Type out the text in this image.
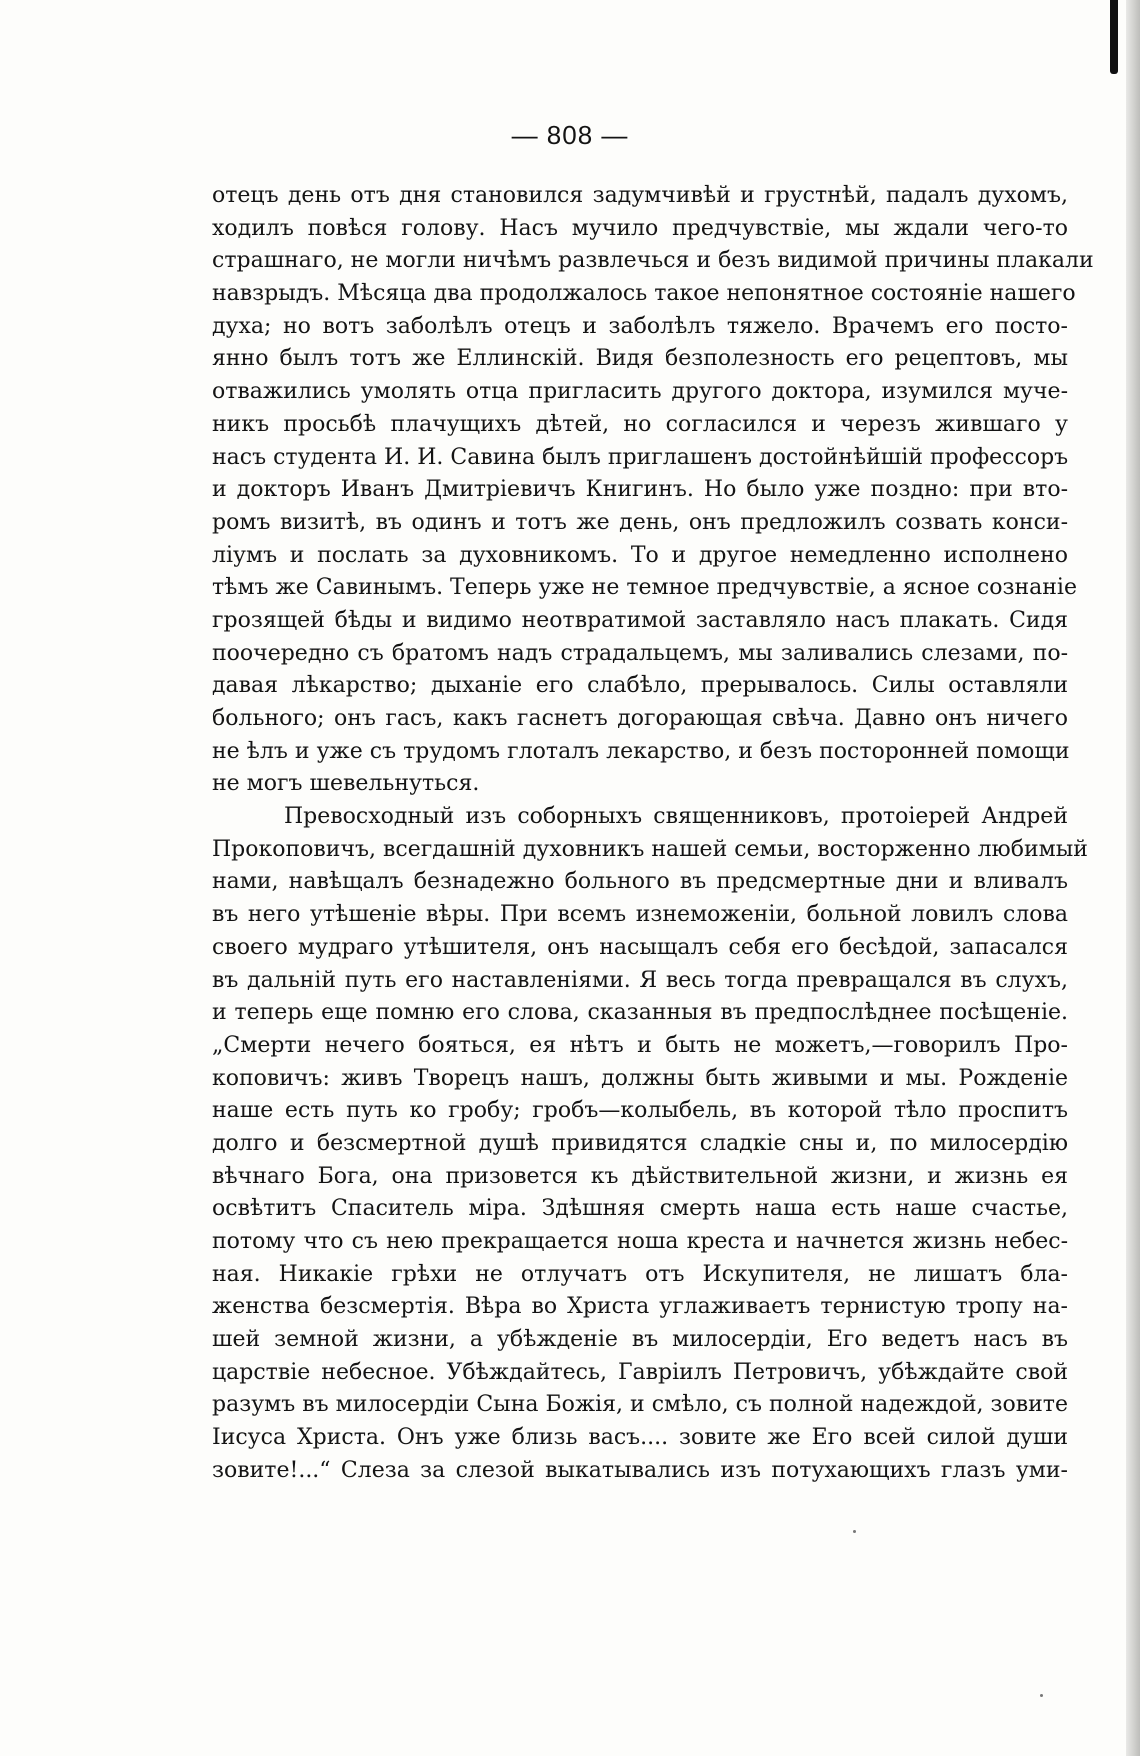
— 808 —
отецъ день отъ дня становился задумчивѣй и грустнѣй, падалъ духомъ,
ходилъ повѣся голову. Насъ мучило предчувствіе, мы ждали чего-то
страшнаго, не могли ничѣмъ развлечься и безъ видимой причины плакали
навзрыдъ. Мѣсяца два продолжалось такое непонятное состояніе нашего
духа; но вотъ заболѣлъ отецъ и заболѣлъ тяжело. Врачемъ его посто-
янно былъ тотъ же Еллинскій. Видя безполезность его рецептовъ, мы
отважились умолять отца пригласить другого доктора, изумился муче-
никъ просьбѣ плачущихъ дѣтей, но согласился и черезъ жившаго у
насъ студента И. И. Савина былъ приглашенъ достойнѣйшій профессоръ
и докторъ Иванъ Дмитріевичъ Книгинъ. Но было уже поздно: при вто-
ромъ визитѣ, въ одинъ и тотъ же день, онъ предложилъ созвать конси-
ліумъ и послать за духовникомъ. То и другое немедленно исполнено
тѣмъ же Савинымъ. Теперь уже не темное предчувствіе, а ясное сознаніе
грозящей бѣды и видимо неотвратимой заставляло насъ плакать. Сидя
поочередно съ братомъ надъ страдальцемъ, мы заливались слезами, по-
давая лѣкарство; дыханіе его слабѣло, прерывалось. Силы оставляли
больного; онъ гасъ, какъ гаснетъ догорающая свѣча. Давно онъ ничего
не ѣлъ и уже съ трудомъ глоталъ лекарство, и безъ посторонней помощи
не могъ шевельнуться.
Превосходный изъ соборныхъ священниковъ, протоіерей Андрей
Прокоповичъ, всегдашній духовникъ нашей семьи, восторженно любимый
нами, навѣщалъ безнадежно больного въ предсмертные дни и вливалъ
въ него утѣшеніе вѣры. При всемъ изнеможеніи, больной ловилъ слова
своего мудраго утѣшителя, онъ насыщалъ себя его бесѣдой, запасался
въ дальній путь его наставленіями. Я весь тогда превращался въ слухъ,
и теперь еще помню его слова, сказанныя въ предпослѣднее посѣщеніе.
„Смерти нечего бояться, ея нѣтъ и быть не можетъ,—говорилъ Про-
коповичъ: живъ Творецъ нашъ, должны быть живыми и мы. Рожденіе
наше есть путь ко гробу; гробъ—колыбель, въ которой тѣло проспитъ
долго и безсмертной душѣ привидятся сладкіе сны и, по милосердію
вѣчнаго Бога, она призовется къ дѣйствительной жизни, и жизнь ея
освѣтитъ Спаситель міра. Здѣшняя смерть наша есть наше счастье,
потому что съ нею прекращается ноша креста и начнется жизнь небес-
ная. Никакіе грѣхи не отлучатъ отъ Искупителя, не лишатъ бла-
женства безсмертія. Вѣра во Христа углаживаетъ тернистую тропу на-
шей земной жизни, а убѣжденіе въ милосердіи, Его ведетъ насъ въ
царствіе небесное. Убѣждайтесь, Гавріилъ Петровичъ, убѣждайте свой
разумъ въ милосердіи Сына Божія, и смѣло, съ полной надеждой, зовите
Іисуса Христа. Онъ уже близь васъ.... зовите же Его всей силой души
зовите!...“ Слеза за слезой выкатывались изъ потухающихъ глазъ уми-
